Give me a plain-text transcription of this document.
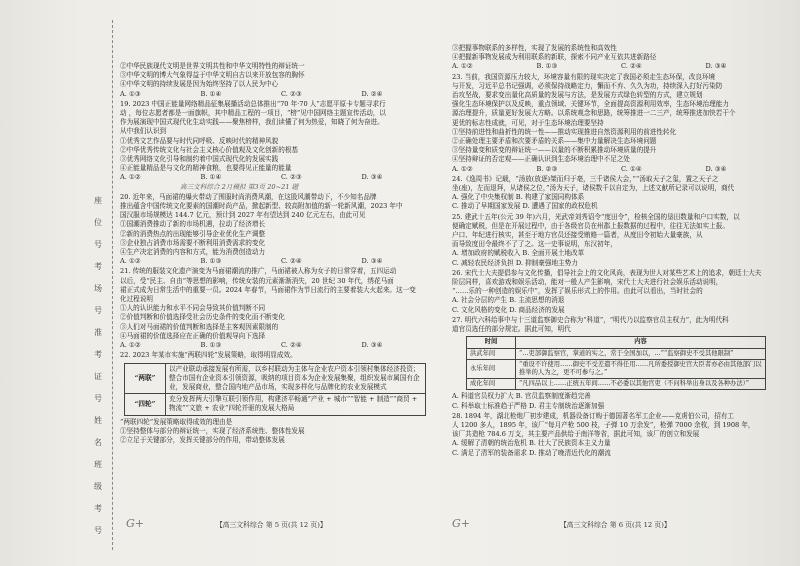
座位号 考场号 准考证号 姓名 班级 考号
②中华民族现代文明是世界文明共性和中华文明特性的辩证统一
③中华文明的博大气象得益于中华文明自古以来开放包容的胸怀
④中华文明的持续发展是因为始终坚持了以人民为中心
A. ①③	B. ①④	C. ②③	D. ②④
19. 2023 中国正能量网络精品征集展播活动总体推出“70 年·70 人”志愿平原卡专题寻求行
动 ，每位志愿者都是一面旗帜，其中精品工程的一项目，“榜”见中国网络主题宣传活动，以
作为展演现中国式现代化生动实践——聚焦榜样，我们读懂了何为热爱，知晓了何为奋进。
从中我们认识到
①优秀文艺作品要与时代同呼吸、反映时代的精神风貌
②中华优秀传统文化与社会主义核心价值观及文化创新的根基
③优秀网络文化引导和制约着中国式现代化的发展实践
④正能量精品是与文化的精神食粮，也要得见正能量的能量
A. ①②	B. ①④	C. ②③	D. ③④
高三文科综合 2月模拟 第3页 20~21 题
20. 近年来，马面裙的爆火带动了围服时尚消费风潮，在这股风潮带动下，不少知名品牌
推出蕴含中国传统文化要素的国潮时尚产品，掀起新型、较高附加值的新一轮新风潮，2023 年中
国汉服市场规模达 144.7 亿元，预计到 2027 年有望达到 240 亿元左右，由此可见
①国潮消费推动了新的市场机遇，拉动了经济增长
②新的消费热点的出现能够引导企业优化生产调整
③企业独占消费市场需要不断利用消费需求的变化
④生产决定消费的内容和方式，能为消费创造动力
A. ①②	B. ①③	C. ②④	D. ③④
21. 传统的服装文化遗产演变为马面裙潮流的推广，马面裙被人称为女子的日常穿着，五四运动
以后，受“民主、自由”等思想的影响，传统女装的元素渐渐消失，20 世纪 30 年代，绣花马面
裙正式成为日常生活中的重要一员。2024 年春节，马面裙作为节日流行的主要着装大火起来。这一变
化过程说明
①人的认识能力和水平不同会导致其价值判断不同
②价值判断和价值选择受社会历史条件的变化而不断变化
③人们对马面裙的价值判断和选择是主客观因素限制的
④马面裙的价值选择应在正确的价值观导向下选择
A. ①②	B. ①③	C. ②④	D. ③④
22. 2023 年某市实施“两联四轮”发展策略，取得明显成效。
“两联”
以产业联动承接发展有所需，以乡村联动为主体与企业农户资本引领村集体经济投资；整合市国有企业资本引领资源，吸纳的项目资本为企业发展集聚，组织发展市属国有企业，发展商业，整合国内地产品市场，实现多样化与品牌化的农业发展模式
“四轮”
充分发挥两大引擎互联引领作用，构建济平畅通“产业 + 城市”“智能 + 制造”“商贸 + 物流”“文旅 + 农业”四轮并驱的发展大格局
“两联四轮”发展策略取得成效的理由是
①坚持整体与部分的辩证统一，实现了经济系统性、整体性发展
②立足于关键部分，发挥关键部分的作用，带动整体发展
③把握事物联系的多样性，实现了发展的系统性和高效性
④把握新事物发展成为利用联系的新联，探索不同产业互依共进新路径
A. ①②	B. ①③	C. ②④	D. ③④
23. 当前，我国资源压力较大，环境容量有限的现实决定了我国必须走生态环保，改良环境
与开发，习近平总书记强调，必须保持战略定力，懈而不弃、久久为功，持续深入打好污染防
治攻坚战，要求变出量化高质量的发展与方法，是发展方式绿色转型的方式，建立规划
强化生态环境保护以及反映，重点领域、关键环节，全面提高资源利用效率，生态环境治理能力
源治理提升，质量更好发展大方略。以系统观念和思路，统筹推进一二三产，统筹推进加快若干个
更优的标志性成就，可见，对于生态环境治理要坚持
①坚持前进性和曲折性的统一性——推动实现推进自然资源利用的前进性转化
②正确处理主要矛盾和次要矛盾的关系——集中力量解决生态环境问题
③坚持量变和质变的辩证统一——以量的不断积累推动环境质量的提升
④坚持辩证的否定观——正确认识到生态环境治理中不足之处
A. ①②	B. ②③	C. ①④	D. ③④
24.《逸周书》记载，“汤放(放逐)桀而归于亳，三千诸侯大会，”“汤取天子之玺，置之天子之
坐(座)，左而退拜，从诸侯之位，”汤为天子，诸侯数千以自定为，上述文献所记录可以说明，商代
A. 强化了中央集权制 B. 构建了家国同构体系
C. 推动了早期国家发展 D. 遭遇了国家的政权危机
25. 建武十五年(公元 39 年)六月，光武帝刘秀诏令“度田令”，检核全国的垦田数量和户口实数，以
便确定赋税，但是在开展过程中，由于各级官员在州郡上报数据的过程中，往往无法如实上报。
户口、年纪进行核实，甚至于地方官员还接受贿赂一篇者，从度田令初始大量豪族，从
而导致度田令最终不了了之。这一史事说明，东汉初年，
A. 增加政府的赋税收入 B. 全面开展土地改革
C. 减轻农民经济负担 D. 抑制豪强地主势力
26. 宋代士大夫提倡参与文化传播，倡导社会上的文化风尚，表现为世人对某些艺术上的追求，朝廷士大夫
阶层同样，喜欢游戏和娱乐活动，能对一般人产生影响，宋代士大夫进行社会娱乐活动说明，
“……乐的一种创造的娱乐中”，发挥了娱乐形式上的作用。由此可以看出，当时社会的
A. 社会分层的产生 B. 主流思想的消退
C. 文化风格的变化 D. 商品经济的发展
27. 明代六科给事中与十三道监察御史合称为“科道”，“明代乃以监察官员主权力”，此为明代科
道官员选任的部分规定。据此可知，明代
时间	内容
洪武年间	“…吏部御监察官，掌道的实之，常于全国加以，…”“监察御史不受其他限制”
永乐年间	“重设不许使用……御史不受差遣不得任用……凡所委授御史官大臣者亦必由其他部门以推举的人为之，更不可参与之。”
成化年间	“凡四品以上……正统五年间……不必委以其他官吏（不问科举出身以及各种办法）”
A. 科道官员权力扩大 B. 官员监察制度渐趋完善
C. 科举取士标准趋于严格 D. 君主专制统治逐渐加强
28. 1894 年，湖北枪炮厂初步建成，机器设备订购于德国著名军工企业——克虏伯公司，招有工
人 1200 多人，1895 年，该厂“每月产枪 500 枝，子弹 10 万余发”，枪弹 7000 余枚，到 1908 年，
该厂共造枪 784.6 万支，其主要产品供给于南洋等省，据此可知，该厂的创立和发展
A. 缓解了清朝的统治危机 B. 壮大了民族资本主义力量
C. 满足了清军的装备需求 D. 推动了晚清近代化的潮流
G+	【高三文科综合 第 5 页(共 12 页)】	G+	【高三文科综合 第 6 页(共 12 页)】
